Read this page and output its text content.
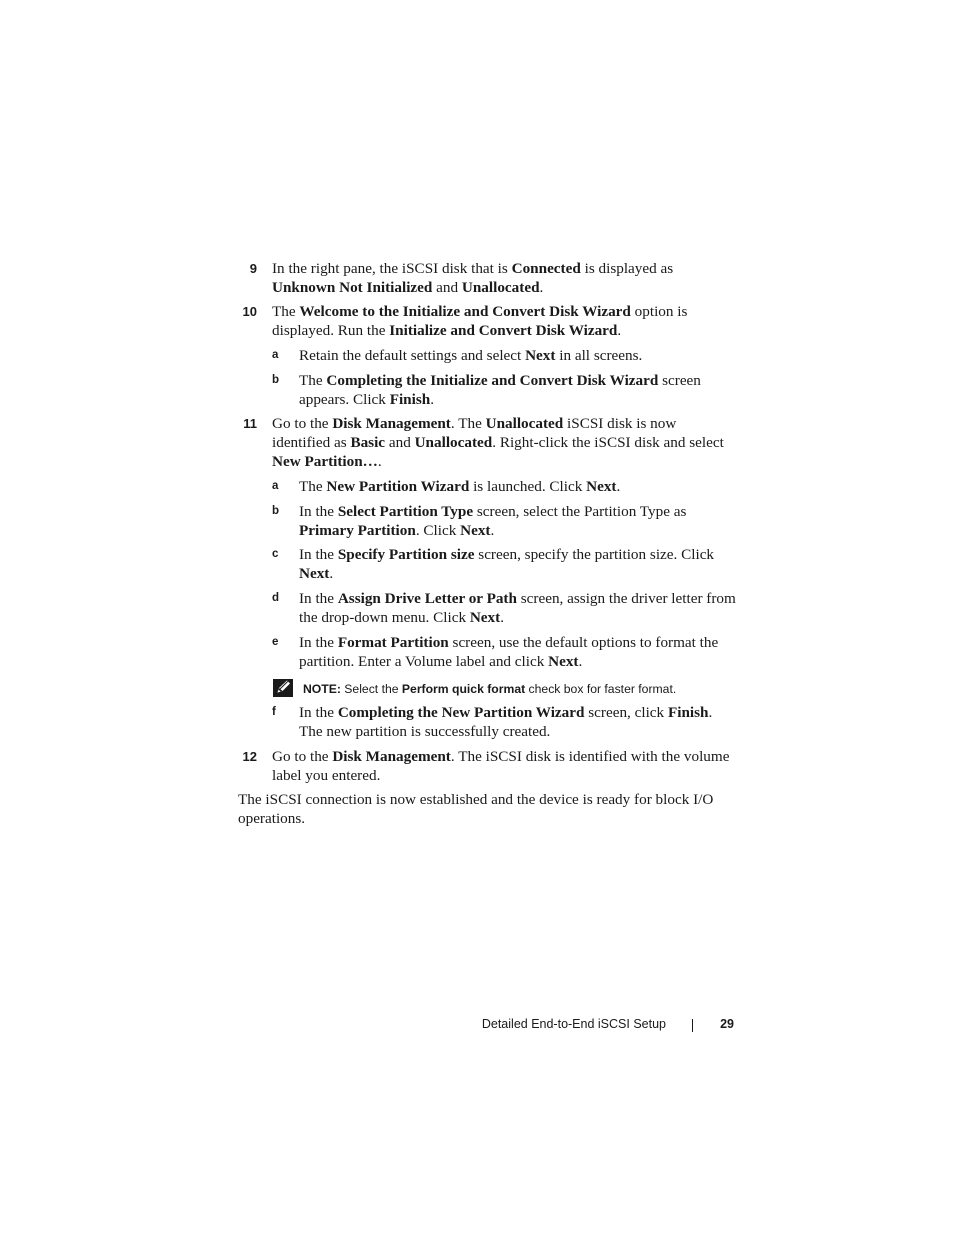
9 In the right pane, the iSCSI disk that is Connected is displayed as
Unknown Not Initialized and Unallocated.
10 The Welcome to the Initialize and Convert Disk Wizard option is displayed. Run the Initialize and Convert Disk Wizard.
a Retain the default settings and select Next in all screens.
b The Completing the Initialize and Convert Disk Wizard screen appears. Click Finish.
11 Go to the Disk Management. The Unallocated iSCSI disk is now identified as Basic and Unallocated. Right-click the iSCSI disk and select
New Partition….
a The New Partition Wizard is launched. Click Next.
b In the Select Partition Type screen, select the Partition Type as
Primary Partition. Click Next.
c In the Specify Partition size screen, specify the partition size. Click Next.
d In the Assign Drive Letter or Path screen, assign the driver letter from the drop-down menu. Click Next.
e In the Format Partition screen, use the default options to format the partition. Enter a Volume label and click Next.
NOTE: Select the Perform quick format check box for faster format.
f	In the Completing the New Partition Wizard screen, click Finish. The new partition is successfully created.
12 Go to the Disk Management. The iSCSI disk is identified with the volume label you entered.
The iSCSI connection is now established and the device is ready for block I/O operations.
Detailed End-to-End iSCSI Setup	29
